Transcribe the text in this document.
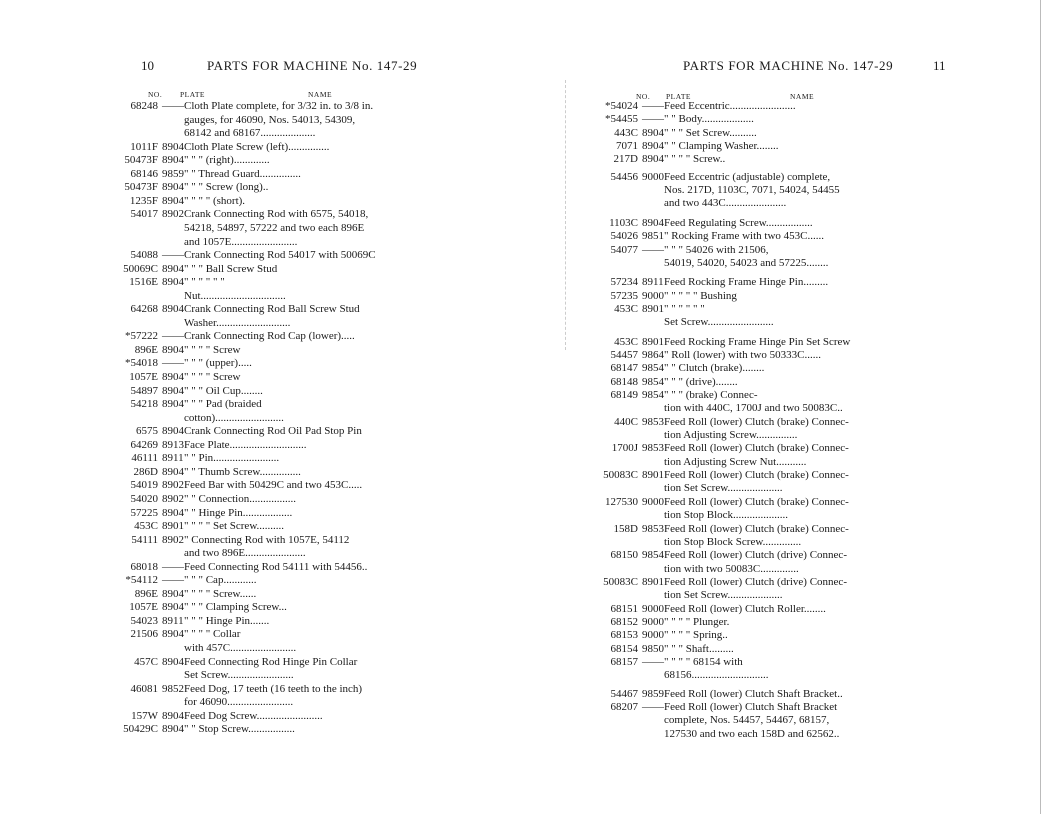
10	PARTS FOR MACHINE No. 147-29
NO. PLATE	NAME
68248 —— Cloth Plate complete, for 3/32 in. to 3/8 in.
gauges, for 46090, Nos. 54013, 54309,
68142 and 68167....................
1011F 8904 Cloth Plate Screw (left)...............
50473F 8904 " " " (right).............
68146 9859 " " Thread Guard...............
50473F 8904 " " " Screw (long)..
1235F 8904 " " " " (short).
54017 8902 Crank Connecting Rod with 6575, 54018,
54218, 54897, 57222 and two each 896E
and 1057E........................
54088 —— Crank Connecting Rod 54017 with 50069C
50069C 8904 " " " Ball Screw Stud
1516E 8904 " " " " " "
Nut...............................
64268 8904 Crank Connecting Rod Ball Screw Stud
Washer...........................
*57222 —— Crank Connecting Rod Cap (lower).....
896E 8904 " " " " Screw
*54018 —— " " " (upper).....
1057E 8904 " " " " Screw
54897 8904 " " " Oil Cup........
54218 8904 " " " Pad (braided
cotton).........................
6575 8904 Crank Connecting Rod Oil Pad Stop Pin
64269 8913 Face Plate............................
46111 8911 " " Pin........................
286D 8904 " " Thumb Screw...............
54019 8902 Feed Bar with 50429C and two 453C.....
54020 8902 " " Connection.................
57225 8904 " " Hinge Pin..................
453C 8901 " " " " Set Screw..........
54111 8902 " Connecting Rod with 1057E, 54112
and two 896E......................
68018 —— Feed Connecting Rod 54111 with 54456..
*54112 —— " " " Cap............
896E 8904 " " " " Screw......
1057E 8904 " " " Clamping Screw...
54023 8911 " " " Hinge Pin.......
21506 8904 " " " " Collar
with 457C........................
457C 8904 Feed Connecting Rod Hinge Pin Collar
Set Screw........................
46081 9852 Feed Dog, 17 teeth (16 teeth to the inch)
for 46090........................
157W 8904 Feed Dog Screw........................
50429C 8904 " " Stop Screw.................
PARTS FOR MACHINE No. 147-29	11
NO. PLATE	NAME
*54024 —— Feed Eccentric........................
*54455 —— " " Body...................
443C 8904 " " " Set Screw..........
7071 8904 " " Clamping Washer........
217D 8904 " " " " Screw..
54456 9000 Feed Eccentric (adjustable) complete,
Nos. 217D, 1103C, 7071, 54024, 54455
and two 443C......................
1103C 8904 Feed Regulating Screw.................
54026 9851 " Rocking Frame with two 453C......
54077 —— " " " 54026 with 21506,
54019, 54020, 54023 and 57225........
57234 8911 Feed Rocking Frame Hinge Pin.........
57235 9000 " " " " " Bushing
453C 8901 " " " " " "
Set Screw........................
453C 8901 Feed Rocking Frame Hinge Pin Set Screw
54457 9864 " Roll (lower) with two 50333C......
68147 9854 " " Clutch (brake)........
68148 9854 " " " (drive)........
68149 9854 " " " (brake) Connec-
tion with 440C, 1700J and two 50083C..
440C 9853 Feed Roll (lower) Clutch (brake) Connec-
tion Adjusting Screw...............
1700J 9853 Feed Roll (lower) Clutch (brake) Connec-
tion Adjusting Screw Nut...........
50083C 8901 Feed Roll (lower) Clutch (brake) Connec-
tion Set Screw....................
127530 9000 Feed Roll (lower) Clutch (brake) Connec-
tion Stop Block....................
158D 9853 Feed Roll (lower) Clutch (brake) Connec-
tion Stop Block Screw..............
68150 9854 Feed Roll (lower) Clutch (drive) Connec-
tion with two 50083C..............
50083C 8901 Feed Roll (lower) Clutch (drive) Connec-
tion Set Screw....................
68151 9000 Feed Roll (lower) Clutch Roller........
68152 9000 " " " " Plunger.
68153 9000 " " " " Spring..
68154 9850 " " " Shaft.........
68157 —— " " " " 68154 with
68156............................
54467 9859 Feed Roll (lower) Clutch Shaft Bracket..
68207 —— Feed Roll (lower) Clutch Shaft Bracket
complete, Nos. 54457, 54467, 68157,
127530 and two each 158D and 62562..
